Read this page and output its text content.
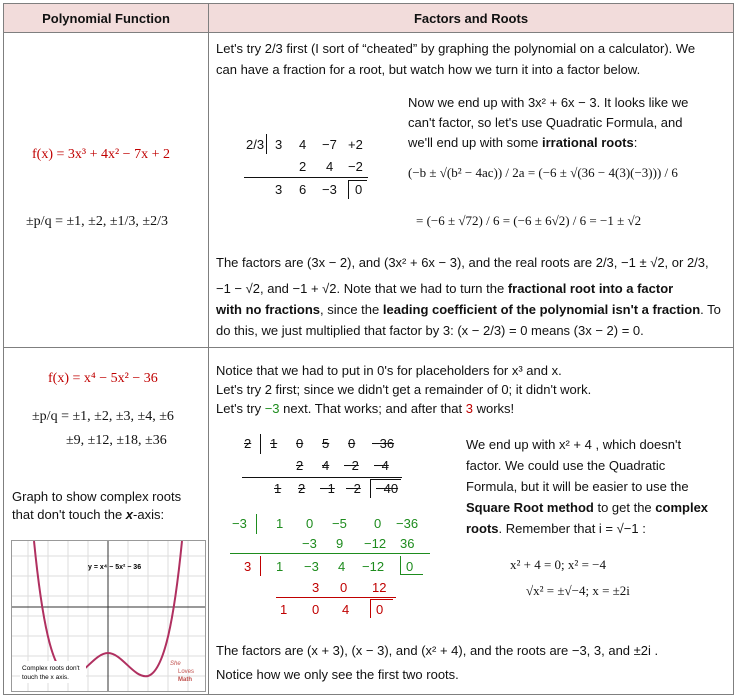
Polynomial Function	Factors and Roots
f(x) = 3x³ + 4x² − 7x + 2
±p/q = ±1, ±2, ±1/3, ±2/3
Let's try 2/3 first (I sort of “cheated” by graphing the polynomial on a calculator). We
can have a fraction for a root, but watch how we turn it into a factor below.
2/3 3 4 −7 +2
2 4 −2
3 6 −3 0
Now we end up with 3x² + 6x − 3. It looks like we
can't factor, so let's use Quadratic Formula, and
we'll end up with some irrational roots:
(−b ± √(b² − 4ac)) / 2a = (−6 ± √(36 − 4(3)(−3))) / 6
= (−6 ± √72) / 6 = (−6 ± 6√2) / 6 = −1 ± √2
The factors are (3x − 2), and (3x² + 6x − 3), and the real roots are 2/3, −1 ± √2, or 2/3,
−1 − √2, and −1 + √2. Note that we had to turn the fractional root into a factor
with no fractions, since the leading coefficient of the polynomial isn't a fraction. To
do this, we just multiplied that factor by 3: (x − 2/3) = 0 means (3x − 2) = 0.
f(x) = x⁴ − 5x² − 36
±p/q = ±1, ±2, ±3, ±4, ±6
±9, ±12, ±18, ±36
Graph to show complex roots
that don't touch the x-axis:
y = x⁴ − 5x² − 36
Complex roots don't
touch the x axis.
She
Loves
Math
Notice that we had to put in 0's for placeholders for x³ and x.
Let's try 2 first; since we didn't get a remainder of 0; it didn't work.
Let's try −3 next. That works; and after that 3 works!
2 1 0 5 0 −36
2 4 −2 −4
1 2 −1 −2 −40
−3 1 0 −5 0 −36
−3 9 −12 36
3 1 −3 4 −12 0
3 0 12
1 0 4 0
We end up with x² + 4 , which doesn't
factor. We could use the Quadratic
Formula, but it will be easier to use the
Square Root method to get the complex
roots. Remember that i = √−1 :
x² + 4 = 0; x² = −4
√x² = ±√−4; x = ±2i
The factors are (x + 3), (x − 3), and (x² + 4), and the roots are −3, 3, and ±2i .
Notice how we only see the first two roots.
